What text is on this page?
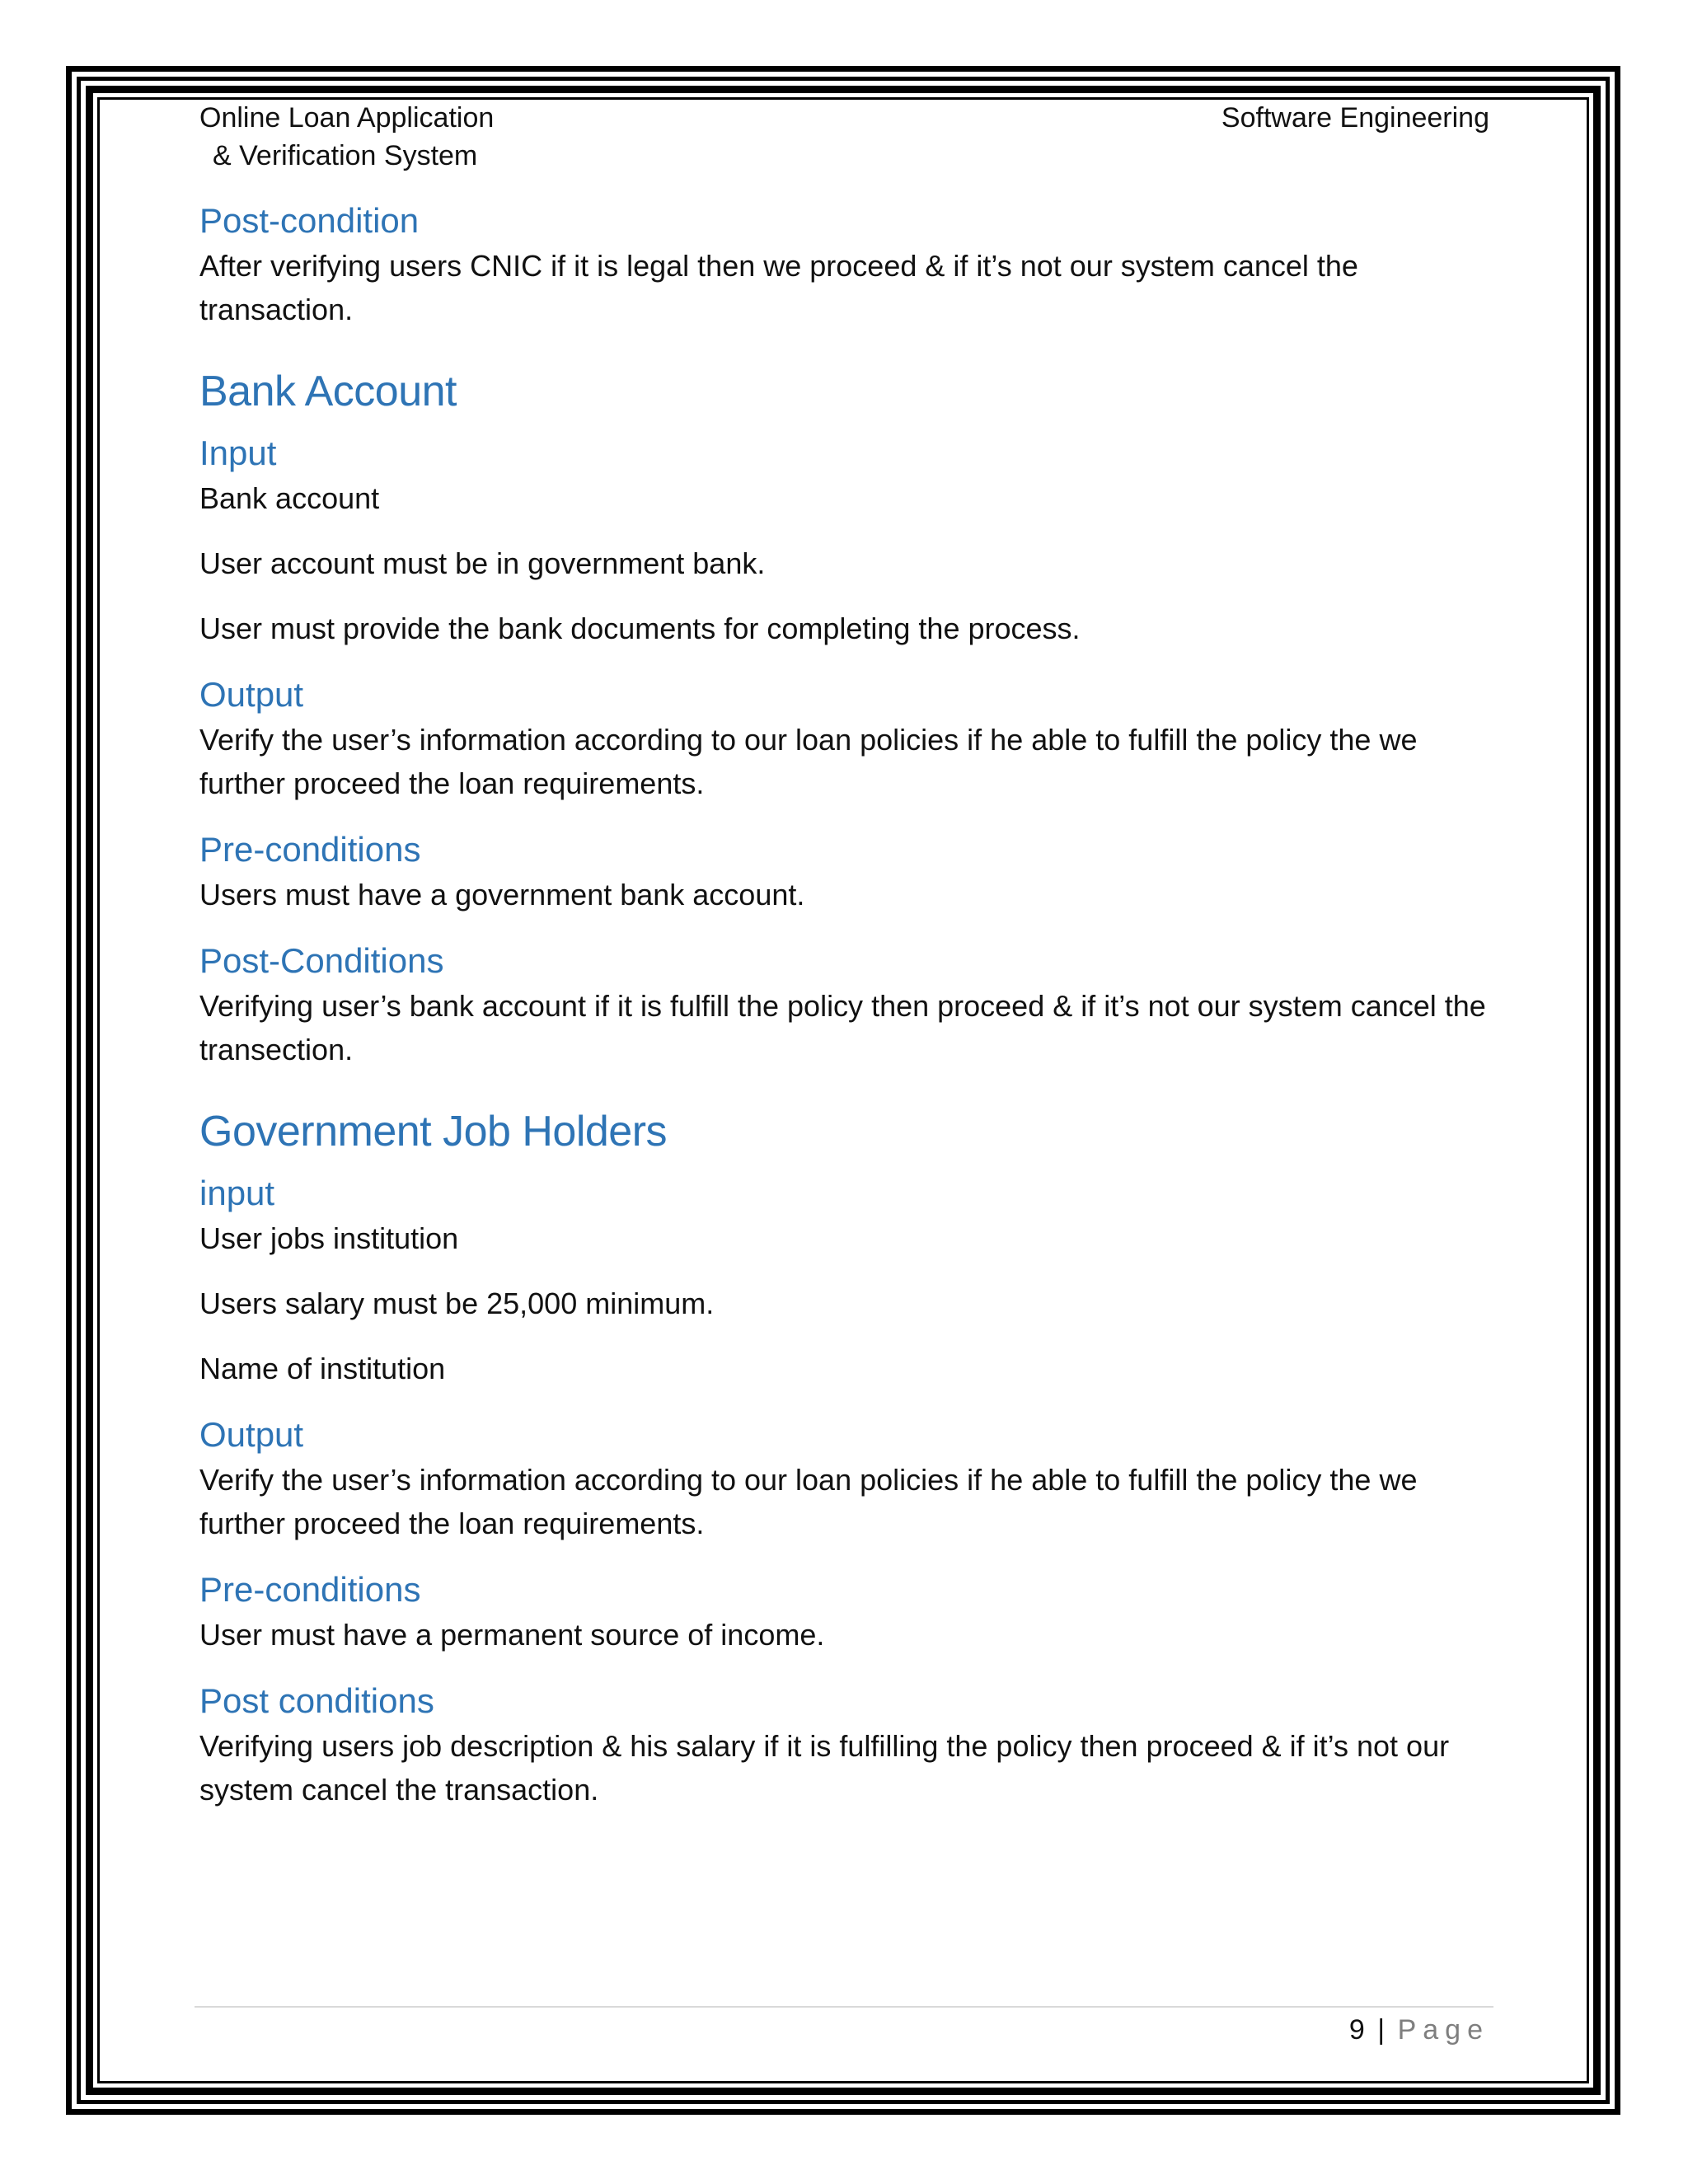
Online Loan Application
& Verification System
Software Engineering
Post-condition
After verifying users CNIC if it is legal then we proceed & if it’s not our system cancel the transaction.
Bank Account
Input
Bank account
User account must be in government bank.
User must provide the bank documents for completing the process.
Output
Verify the user’s information according to our loan policies if he able to fulfill the policy the we further proceed the loan requirements.
Pre-conditions
Users must have a government bank account.
Post-Conditions
Verifying user’s bank account if it is fulfill the policy then proceed & if it’s not our system cancel the transection.
Government Job Holders
input
User jobs institution
Users salary must be 25,000 minimum.
Name of institution
Output
Verify the user’s information according to our loan policies if he able to fulfill the policy the we further proceed the loan requirements.
Pre-conditions
User must have a permanent source of income.
Post conditions
Verifying users job description & his salary if it is fulfilling the policy then proceed & if it’s not our system cancel the transaction.
9 | Page
